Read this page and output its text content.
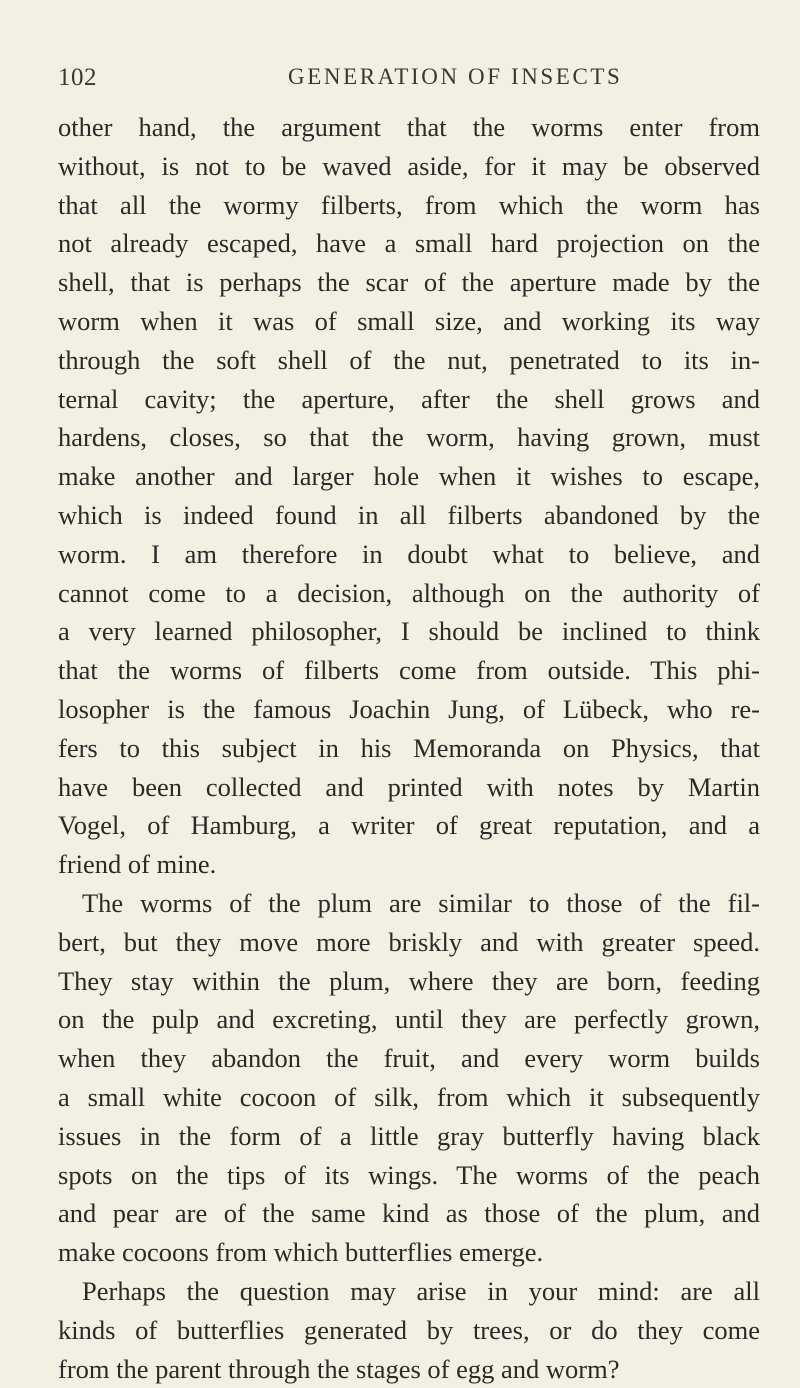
102	GENERATION OF INSECTS
other hand, the argument that the worms enter from
without, is not to be waved aside, for it may be observed
that all the wormy filberts, from which the worm has
not already escaped, have a small hard projection on the
shell, that is perhaps the scar of the aperture made by the
worm when it was of small size, and working its way
through the soft shell of the nut, penetrated to its in-
ternal cavity; the aperture, after the shell grows and
hardens, closes, so that the worm, having grown, must
make another and larger hole when it wishes to escape,
which is indeed found in all filberts abandoned by the
worm. I am therefore in doubt what to believe, and
cannot come to a decision, although on the authority of
a very learned philosopher, I should be inclined to think
that the worms of filberts come from outside. This phi-
losopher is the famous Joachin Jung, of Lübeck, who re-
fers to this subject in his Memoranda on Physics, that
have been collected and printed with notes by Martin
Vogel, of Hamburg, a writer of great reputation, and a
friend of mine.
The worms of the plum are similar to those of the fil-
bert, but they move more briskly and with greater speed.
They stay within the plum, where they are born, feeding
on the pulp and excreting, until they are perfectly grown,
when they abandon the fruit, and every worm builds
a small white cocoon of silk, from which it subsequently
issues in the form of a little gray butterfly having black
spots on the tips of its wings. The worms of the peach
and pear are of the same kind as those of the plum, and
make cocoons from which butterflies emerge.
Perhaps the question may arise in your mind: are all
kinds of butterflies generated by trees, or do they come
from the parent through the stages of egg and worm?
